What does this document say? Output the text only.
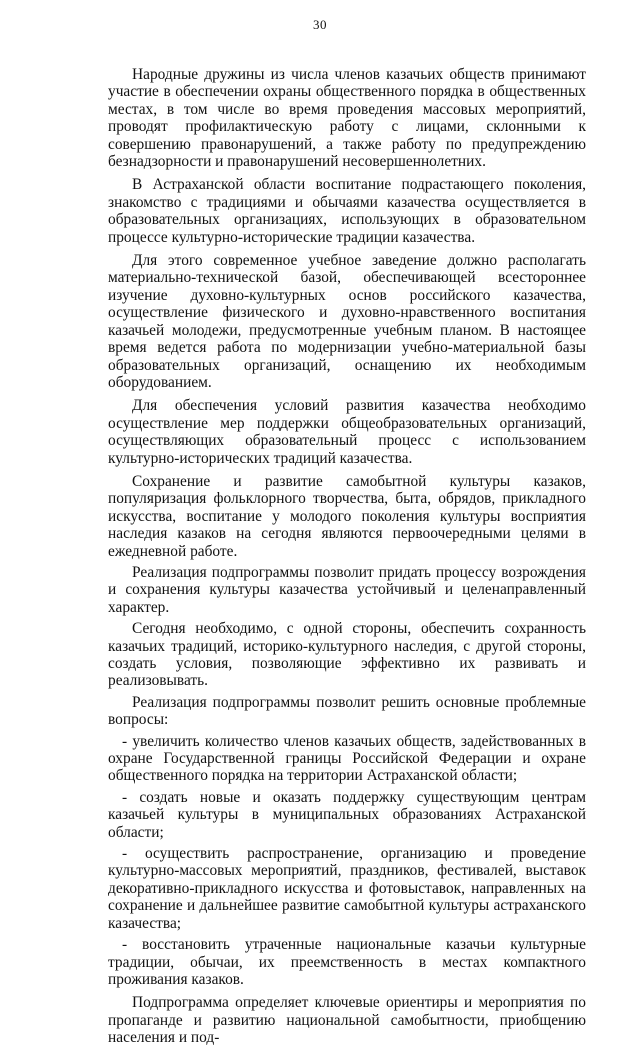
30

Народные дружины из числа членов казачьих обществ принимают участие в обеспечении охраны общественного порядка в общественных местах, в том числе во время проведения массовых мероприятий, проводят профилактическую работу с лицами, склонными к совершению правонарушений, а также работу по предупреждению безнадзорности и правонарушений несовершеннолетних.

В Астраханской области воспитание подрастающего поколения, знакомство с традициями и обычаями казачества осуществляется в образовательных организациях, использующих в образовательном процессе культурно-исторические традиции казачества.

Для этого современное учебное заведение должно располагать материально-технической базой, обеспечивающей всестороннее изучение духовно-культурных основ российского казачества, осуществление физического и духовно-нравственного воспитания казачьей молодежи, предусмотренные учебным планом. В настоящее время ведется работа по модернизации учебно-материальной базы образовательных организаций, оснащению их необходимым оборудованием.

Для обеспечения условий развития казачества необходимо осуществление мер поддержки общеобразовательных организаций, осуществляющих образовательный процесс с использованием культурно-исторических традиций казачества.

Сохранение и развитие самобытной культуры казаков, популяризация фольклорного творчества, быта, обрядов, прикладного искусства, воспитание у молодого поколения культуры восприятия наследия казаков на сегодня являются первоочередными целями в ежедневной работе.

Реализация подпрограммы позволит придать процессу возрождения и сохранения культуры казачества устойчивый и целенаправленный характер.

Сегодня необходимо, с одной стороны, обеспечить сохранность казачьих традиций, историко-культурного наследия, с другой стороны, создать условия, позволяющие эффективно их развивать и реализовывать.

Реализация подпрограммы позволит решить основные проблемные вопросы:

- увеличить количество членов казачьих обществ, задействованных в охране Государственной границы Российской Федерации и охране общественного порядка на территории Астраханской области;

- создать новые и оказать поддержку существующим центрам казачьей культуры в муниципальных образованиях Астраханской области;

- осуществить распространение, организацию и проведение культурно-массовых мероприятий, праздников, фестивалей, выставок декоративно-прикладного искусства и фотовыставок, направленных на сохранение и дальнейшее развитие самобытной культуры астраханского казачества;

- восстановить утраченные национальные казачьи культурные традиции, обычаи, их преемственность в местах компактного проживания казаков.

Подпрограмма определяет ключевые ориентиры и мероприятия по пропаганде и развитию национальной самобытности, приобщению населения и под-
